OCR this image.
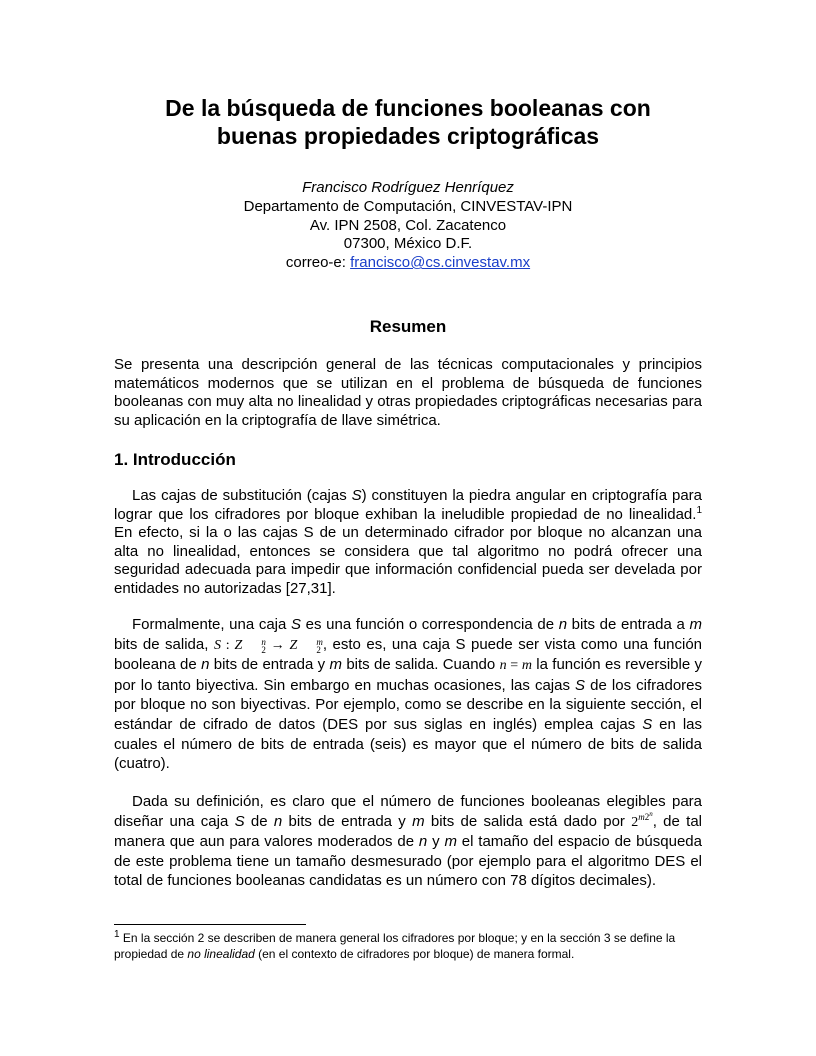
De la búsqueda de funciones booleanas con
buenas propiedades criptográficas
Francisco Rodríguez Henríquez
Departamento de Computación, CINVESTAV-IPN
Av. IPN 2508, Col. Zacatenco
07300, México D.F.
correo-e: francisco@cs.cinvestav.mx
Resumen

Se presenta una descripción general de las técnicas computacionales y principios matemáticos modernos que se utilizan en el problema de búsqueda de funciones booleanas con muy alta no linealidad y otras propiedades criptográficas necesarias para su aplicación en la criptografía de llave simétrica.

1. Introducción

Las cajas de substitución (cajas S) constituyen la piedra angular en criptografía para lograr que los cifradores por bloque exhiban la ineludible propiedad de no linealidad.$^1$ En efecto, si la o las cajas S de un determinado cifrador por bloque no alcanzan una alta no linealidad, entonces se considera que tal algoritmo no podrá ofrecer una seguridad adecuada para impedir que información confidencial pueda ser develada por entidades no autorizadas [27,31].

Formalmente, una caja S es una función o correspondencia de n bits de entrada a m bits de salida, S : Z	n
2 → Z	m
2 , esto es, una caja S puede ser vista como una función booleana de n bits de entrada y m bits de salida. Cuando n = m la función es reversible y por lo tanto biyectiva. Sin embargo en muchas ocasiones, las cajas S de los cifradores por bloque no son biyectivas. Por ejemplo, como se describe en la siguiente sección, el estándar de cifrado de datos (DES por sus siglas en inglés) emplea cajas S en las cuales el número de bits de entrada (seis) es mayor que el número de bits de salida (cuatro).

Dada su definición, es claro que el número de funciones booleanas elegibles para diseñar una caja S de n bits de entrada y m bits de salida está dado por $2^{m2^n}$, de tal manera que aun para valores moderados de n y m el tamaño del espacio de búsqueda de este problema tiene un tamaño desmesurado (por ejemplo para el algoritmo DES el total de funciones booleanas candidatas es un número con 78 dígitos decimales).

$^1$ En la sección 2 se describen de manera general los cifradores por bloque; y en la sección 3 se define la propiedad de no linealidad (en el contexto de cifradores por bloque) de manera formal.
